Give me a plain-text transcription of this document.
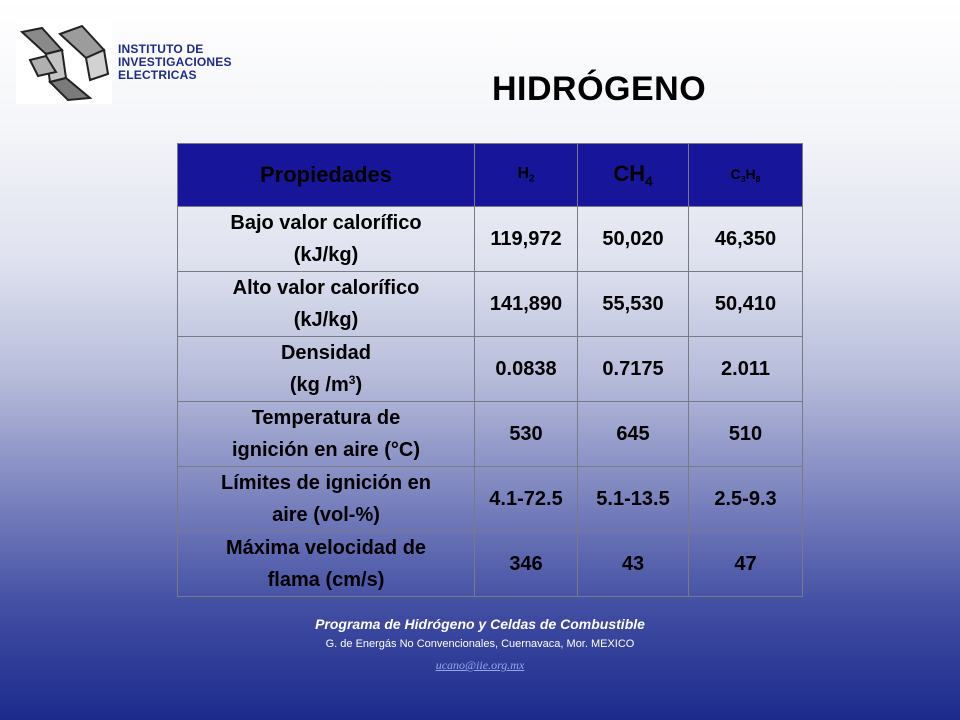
INSTITUTO DE
INVESTIGACIONES
ELECTRICAS	HIDRÓGENO
Propiedades	$H_2$	$CH_4$	$C_3H_8$
Bajo valor calorífico
(kJ/kg)	119,972	50,020	46,350
Alto valor calorífico
(kJ/kg)	141,890	55,530	50,410
Densidad
(kg $/m^3$)	0.0838	0.7175	2.011
Temperatura de
ignición en aire (°C)	530	645	510
Límites de ignición en
aire (vol-%)	4.1-72.5	5.1-13.5	2.5-9.3
Máxima velocidad de
flama (cm/s)	346	43	47
Programa de Hidrógeno y Celdas de Combustible
G. de Energás No Convencionales, Cuernavaca, Mor. MEXICO
ucano@iie.org.mx
